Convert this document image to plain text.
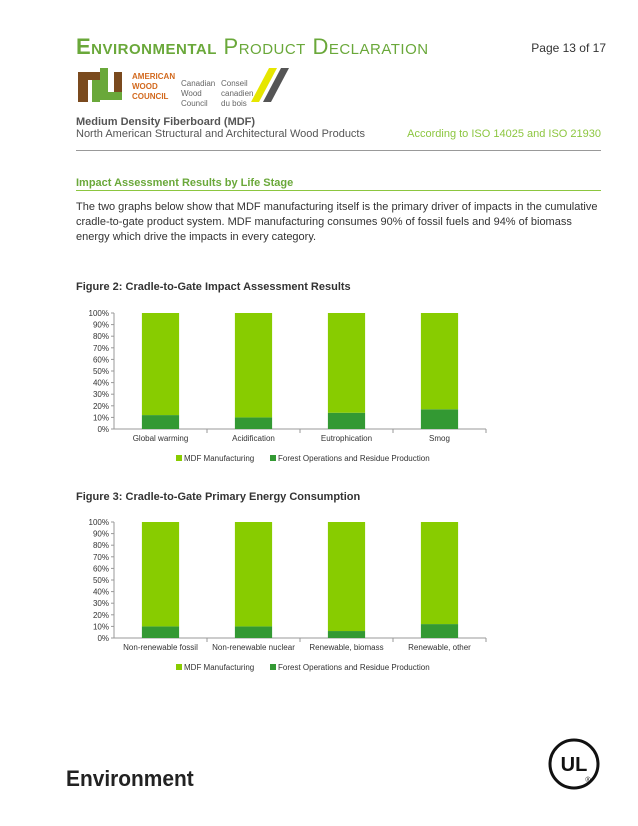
Environmental Product Declaration	Page 13 of 17
AMERICAN
WOOD
COUNCIL
Canadian
Wood
Council
Conseil
canadien
du bois
Medium Density Fiberboard (MDF)
North American Structural and Architectural Wood Products	According to ISO 14025 and ISO 21930
Impact Assessment Results by Life Stage
The two graphs below show that MDF manufacturing itself is the primary driver of impacts in the cumulative cradle-to-gate product system. MDF manufacturing consumes 90% of fossil fuels and 94% of biomass energy which drive the impacts in every category.
Figure 2: Cradle-to-Gate Impact Assessment Results
0%
10%
20%
30%
40%
50%
60%
70%
80%
90%
100%
Global warming	Acidification	Eutrophication	Smog
MDF Manufacturing	Forest Operations and Residue Production
Figure 3: Cradle-to-Gate Primary Energy Consumption
0%
10%
20%
30%
40%
50%
60%
70%
80%
90%
100%
Non-renewable fossil Non-renewable nuclear Renewable, biomass	Renewable, other
MDF Manufacturing	Forest Operations and Residue Production
Environment
UL
®
